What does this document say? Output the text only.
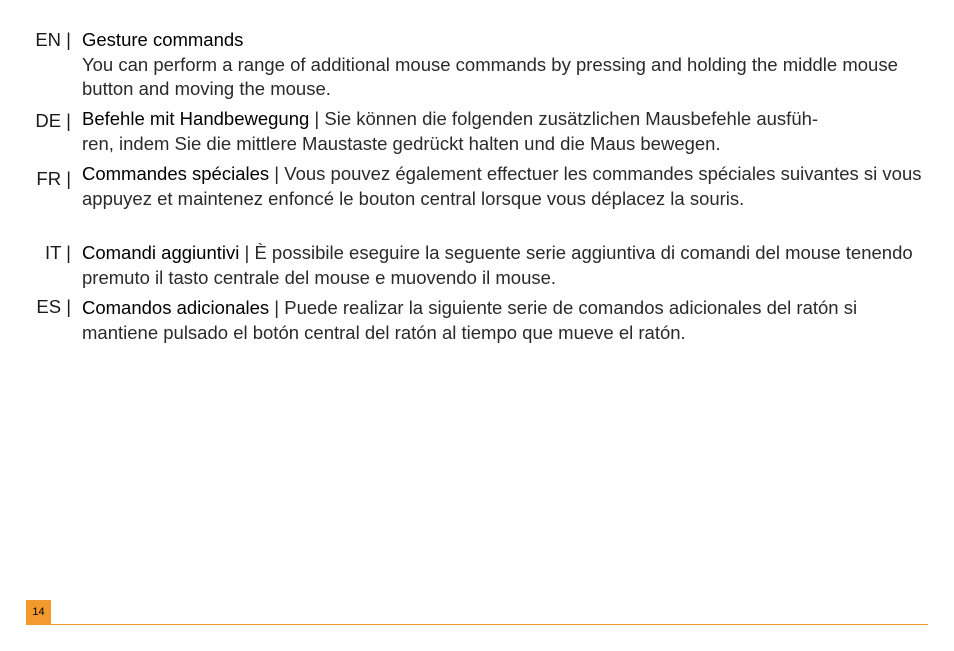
EN | Gesture commands
You can perform a range of additional mouse commands by pressing and holding the middle mouse button and moving the mouse.
DE | Befehle mit Handbewegung | Sie können die folgenden zusätzlichen Mausbefehle ausfüh-
ren, indem Sie die mittlere Maustaste gedrückt halten und die Maus bewegen.
FR | Commandes spéciales | Vous pouvez également effectuer les commandes spéciales suivantes si vous appuyez et maintenez enfoncé le bouton central lorsque vous déplacez la souris.
IT | Comandi aggiuntivi | È possibile eseguire la seguente serie aggiuntiva di comandi del mouse tenendo premuto il tasto centrale del mouse e muovendo il mouse.
ES | Comandos adicionales | Puede realizar la siguiente serie de comandos adicionales del ratón si mantiene pulsado el botón central del ratón al tiempo que mueve el ratón.
14
